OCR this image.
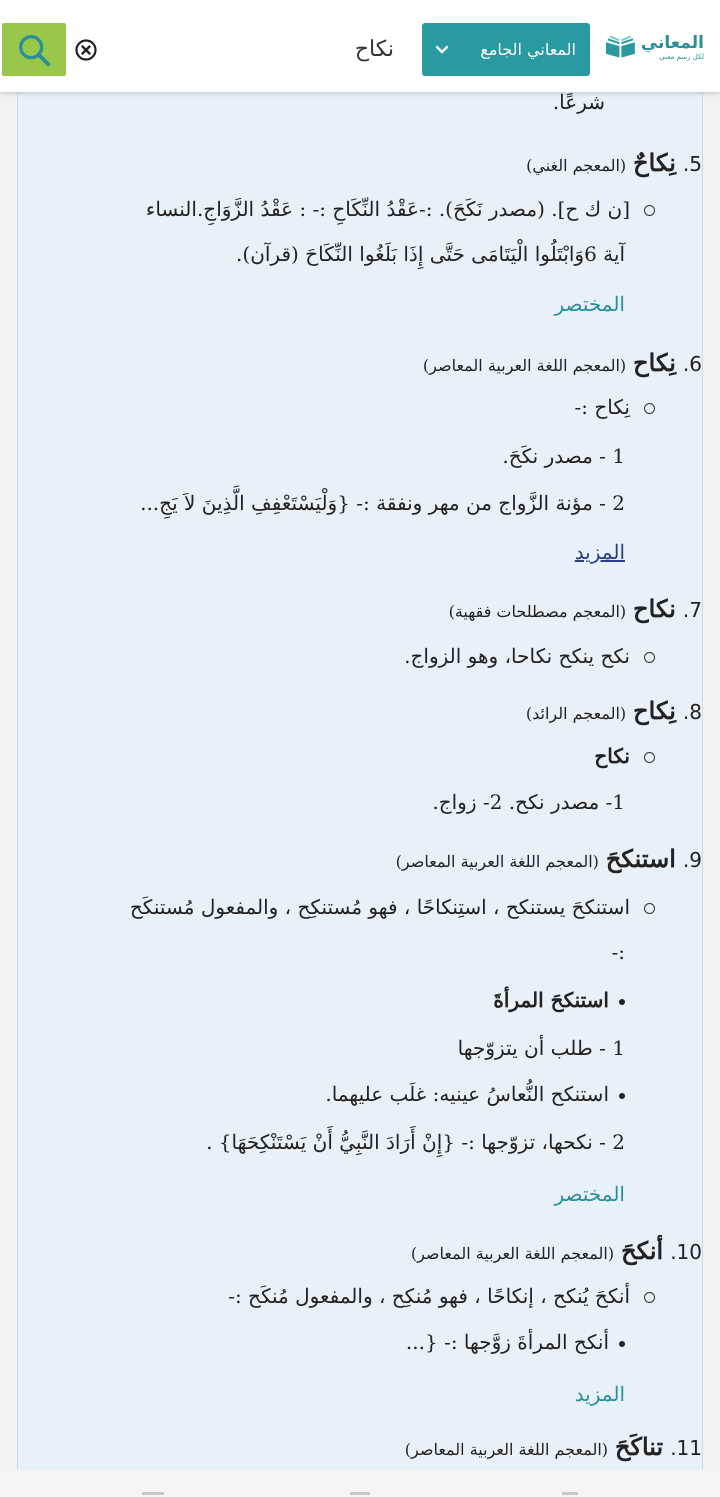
المعاني
لكل رسم معنى
المعاني الجامع
نكاح
شرعًا.
5. نِكاحٌ (المعجم الغني)
[ن ك ح]. (مصدر نَكَحَ). :-عَقْدُ النِّكَاحِ :- : عَقْدُ الزَّوَاجِ.النساء
آية 6وَابْتَلُوا الْيَتَامَى حَتَّى إِذَا بَلَغُوا النِّكَاحَ (قرآن).
المختصر
6. نِكاح (المعجم اللغة العربية المعاصر)
نِكاح :-
1 - مصدر نكَحَ.
2 - مؤنة الزَّواج من مهر ونفقة :- {وَلْيَسْتَعْفِفِ الَّذِينَ لاَ يَجِ...
المزيد
7. نكاح (المعجم مصطلحات فقهية)
نكح ينكح نكاحا، وهو الزواج.
8. نِكاح (المعجم الرائد)
نكاح
1- مصدر نكح. 2- زواج.
9. استنكحَ (المعجم اللغة العربية المعاصر)
استنكحَ يستنكح ، استِنكاحًا ، فهو مُستنكِح ، والمفعول مُستنكَح
:-
استنكحَ المرأةَ
1 - طلب أن يتزوّجها
استنكح النُّعاسُ عينيه: غلَب عليهما.
2 - نكحها، تزوّجها :- {إِنْ أَرَادَ النَّبِيُّ أَنْ يَسْتَنْكِحَهَا} .
المختصر
10. أنكحَ (المعجم اللغة العربية المعاصر)
أنكحَ يُنكح ، إنكاحًا ، فهو مُنكِح ، والمفعول مُنكَح :-
أنكح المرأةَ زوَّجها :- {...
المزيد
11. تناكَحَ (المعجم اللغة العربية المعاصر)
